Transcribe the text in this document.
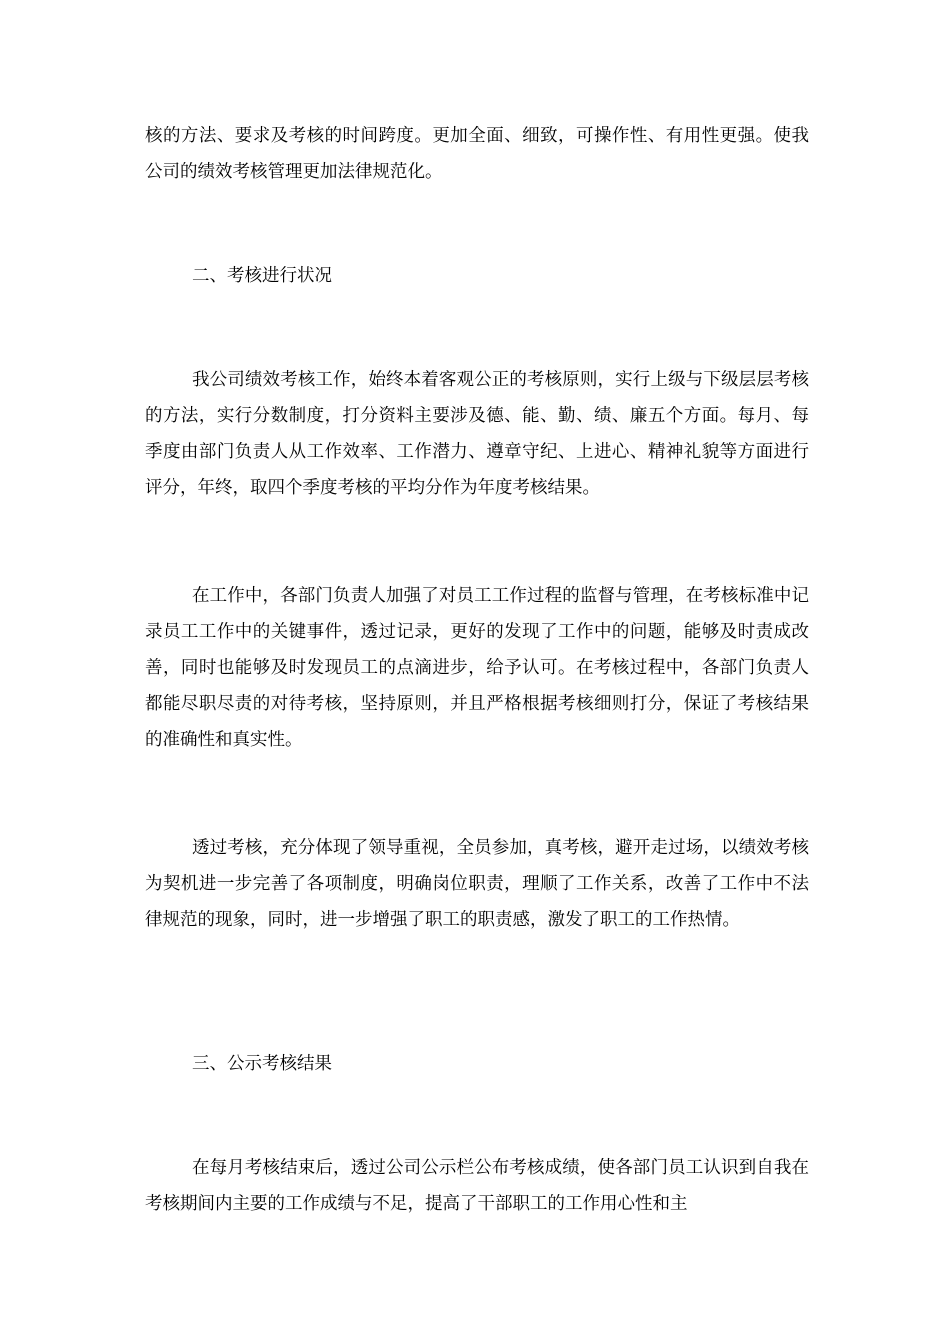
核的方法、要求及考核的时间跨度。更加全面、细致，可操作性、有用性更强。使我公司的绩效考核管理更加法律规范化。

二、考核进行状况

我公司绩效考核工作，始终本着客观公正的考核原则，实行上级与下级层层考核的方法，实行分数制度，打分资料主要涉及德、能、勤、绩、廉五个方面。每月、每季度由部门负责人从工作效率、工作潜力、遵章守纪、上进心、精神礼貌等方面进行评分，年终，取四个季度考核的平均分作为年度考核结果。

在工作中，各部门负责人加强了对员工工作过程的监督与管理，在考核标准中记录员工工作中的关键事件，透过记录，更好的发现了工作中的问题，能够及时责成改善，同时也能够及时发现员工的点滴进步，给予认可。在考核过程中，各部门负责人都能尽职尽责的对待考核，坚持原则，并且严格根据考核细则打分，保证了考核结果的准确性和真实性。

透过考核，充分体现了领导重视，全员参加，真考核，避开走过场，以绩效考核为契机进一步完善了各项制度，明确岗位职责，理顺了工作关系，改善了工作中不法律规范的现象，同时，进一步增强了职工的职责感，激发了职工的工作热情。

三、公示考核结果

在每月考核结束后，透过公司公示栏公布考核成绩，使各部门员工认识到自我在考核期间内主要的工作成绩与不足，提高了干部职工的工作用心性和主
